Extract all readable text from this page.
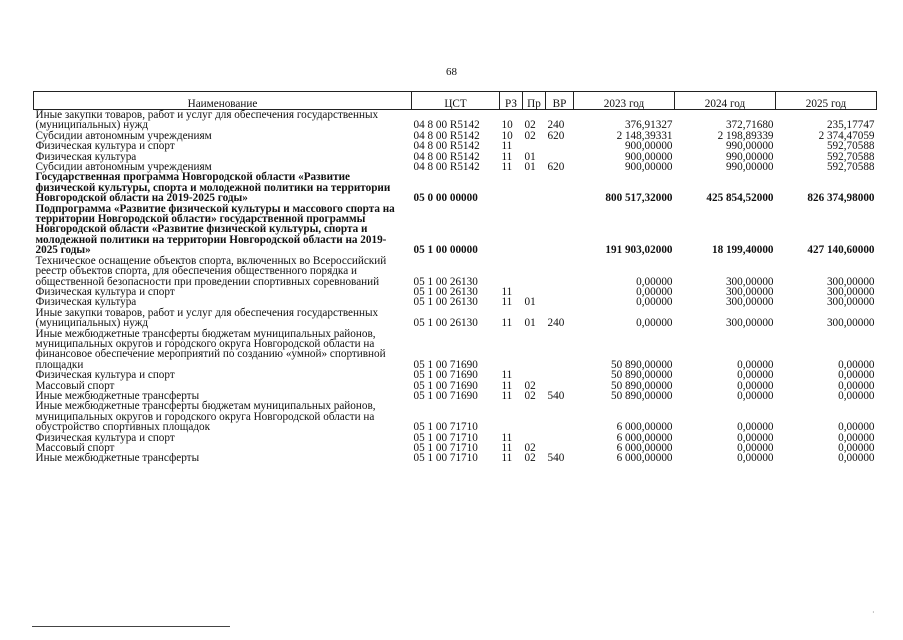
68
Наименование	ЦСТ	РЗ	Пр	ВР	2023 год	2024 год	2025 год
Иные закупки товаров, работ и услуг для обеспечения государственных (муниципальных) нужд	04 8 00 R5142	10	02	240	376,91327	372,71680	235,17747
Субсидии автономным учреждениям	04 8 00 R5142	10	02	620	2 148,39331	2 198,89339	2 374,47059
Физическая культура и спорт	04 8 00 R5142	11			900,00000	990,00000	592,70588
Физическая культура	04 8 00 R5142	11	01		900,00000	990,00000	592,70588
Субсидии автономным учреждениям	04 8 00 R5142	11	01	620	900,00000	990,00000	592,70588
Государственная программа Новгородской области «Развитие физической культуры, спорта и молодежной политики на территории Новгородской области на 2019-2025 годы»	05 0 00 00000				800 517,32000	425 854,52000	826 374,98000
Подпрограмма «Развитие физической культуры и массового спорта на территории Новгородской области» государственной программы Новгородской области «Развитие физической культуры, спорта и молодежной политики на территории Новгородской области на 2019-2025 годы»	05 1 00 00000				191 903,02000	18 199,40000	427 140,60000
Техническое оснащение объектов спорта, включенных во Всероссийский реестр объектов спорта, для обеспечения общественного порядка и общественной безопасности при проведении спортивных соревнований	05 1 00 26130				0,00000	300,00000	300,00000
Физическая культура и спорт	05 1 00 26130	11			0,00000	300,00000	300,00000
Физическая культура	05 1 00 26130	11	01		0,00000	300,00000	300,00000
Иные закупки товаров, работ и услуг для обеспечения государственных (муниципальных) нужд	05 1 00 26130	11	01	240	0,00000	300,00000	300,00000
Иные межбюджетные трансферты бюджетам муниципальных районов, муниципальных округов и городского округа Новгородской области на финансовое обеспечение мероприятий по созданию «умной» спортивной площадки	05 1 00 71690				50 890,00000	0,00000	0,00000
Физическая культура и спорт	05 1 00 71690	11			50 890,00000	0,00000	0,00000
Массовый спорт	05 1 00 71690	11	02		50 890,00000	0,00000	0,00000
Иные межбюджетные трансферты	05 1 00 71690	11	02	540	50 890,00000	0,00000	0,00000
Иные межбюджетные трансферты бюджетам муниципальных районов, муниципальных округов и городского округа Новгородской области на обустройство спортивных площадок	05 1 00 71710				6 000,00000	0,00000	0,00000
Физическая культура и спорт	05 1 00 71710	11			6 000,00000	0,00000	0,00000
Массовый спорт	05 1 00 71710	11	02		6 000,00000	0,00000	0,00000
Иные межбюджетные трансферты	05 1 00 71710	11	02	540	6 000,00000	0,00000	0,00000
·
